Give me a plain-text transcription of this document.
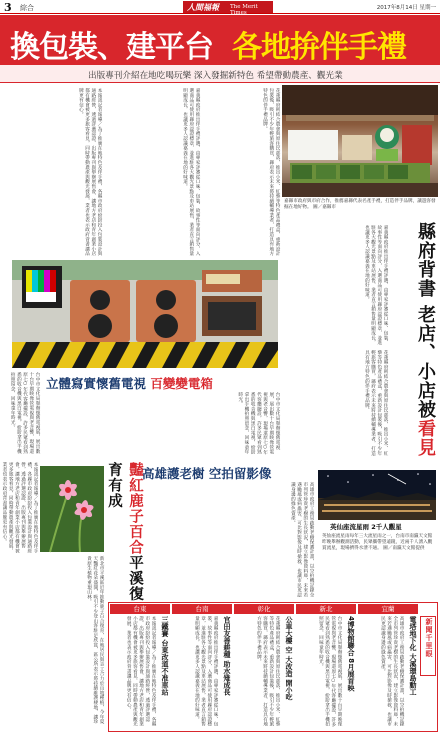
3 綜合	人間福報 The Merit Times
2017年8月14日 星期一
換包裝、建平台 各地拚伴手禮
出版專刊介紹在地吃喝玩樂 深入發掘新特色 希望帶動農產、觀光業
本報訊記者報導／為了推廣在地特色及伴手禮，各縣市政府紛紛投入包裝設計與通路經營，透過評選認證、出版專刊與舉辦展售會，讓地方老店和青年創業小店都有機會被更多旅客看見，同時帶動農產與觀光發展，業者也表示政府背書讓品牌更有信心。	嘉義縣政府推出伴手禮評選，由專家評審從口味、包裝、故事性等面向評分，入選商品可使用縣府認證標章，並進駐各大觀光景點及車站展售，業者直言銷售量明顯成長，也讓更多人認識嘉義在地的好味道。	花蓮縣府則結合農會與原住民部落，推出小米、紅藜等特色產品禮盒，重新設計包裝後，吸引不少年輕旅客購買，縣府表示未來將持續輔導業者，打造具有地方特色的伴手禮品牌。
嘉縣市政府與市府合作，推薦嘉縣代表名產手禮，打造伴手品牌，讓遊客發掘在地好物。 圖／嘉縣市
嘉義縣政府推出伴手禮評選，由專家評審從口味、包裝、故事性等面向評分，入選商品可使用縣府認證標章，並進駐各大觀光景點及車站展售，業者直言銷售量明顯成長，也讓更多人認識嘉義在地的好味道。	縣府背書 老店、小店被看見
花蓮縣府則結合農會與原住民部落，推出小米、紅藜等特色產品禮盒，重新設計包裝後，吸引不少年輕旅客購買，縣府表示未來將持續輔導業者，打造具有地方特色的伴手禮品牌。
立體寫實懷舊電視 百變變電箱
台中市文化局舉辦懷舊電視展，展出數十台早期映像管電視與老音響，現場還原七○年代客廳擺設，許多民眾看到熟悉的收音機與黑白電視，紛紛拿出手機拍照留念，回味童年時光。	台中市文化局舉辦懷舊電視展，展出數十台早期映像管電視與老音響，現場還原七○年代客廳擺設，許多民眾看到熟悉的收音機與黑白電視，紛紛拿出手機拍照留念，回味童年時光。
豔紅鹿子百合平溪復育有成
新北市平溪區近年推動鹿子百合復育，在地居民與志工合力於山坡種植，今年夏天豔紅花朵盛開，吸引不少登山客駐足欣賞，區公所表示將持續維護棲地，讓珍貴原生植物重現山林。
本報訊記者報導／為了推廣在地特色及伴手禮，各縣市政府紛紛投入包裝設計與通路經營，透過評選認證、出版專刊與舉辦展售會，讓地方老店和青年創業小店都有機會被更多旅客看見，同時帶動農產與觀光發展，業者也表示政府背書讓品牌更有信心。	高雄護老樹 空拍留影像
高雄市政府工務局啟動老樹保護計畫，以空拍機記錄全市列管珍貴老樹的生長狀況，建立影像資料庫，未來若遇颱風或病蟲害，可比對影像及時搶救，也讓市民更認識身邊的綠色資產。
英仙座流星雨 2千人觀星
英仙座流星雨每年三大流星雨之一，台南市南瀛天文館昨晚舉辦觀測活動，民眾攜帶望遠鏡，近兩千人湧入觀賞流星，現場擠得水泄不通。 圖／南瀛天文館提供
台東	台南	彰化	新北	宜蘭
三鐵賽 台東改道不准車站	官田友善耕種 助水雉成長	公車大樓 空 大改造 開小吃	4博物館聯合 8月展首映	電塔地下化 大溪環島動工
本報訊記者報導／為了推廣在地特色及伴手禮，各縣市政府紛紛投入包裝設計與通路經營，透過評選認證、出版專刊與舉辦展售會，讓地方老店和青年創業小店都有機會被更多旅客看見，同時帶動農產與觀光發展，業者也表示政府背書讓品牌更有信心。	嘉義縣政府推出伴手禮評選，由專家評審從口味、包裝、故事性等面向評分，入選商品可使用縣府認證標章，並進駐各大觀光景點及車站展售，業者直言銷售量明顯成長，也讓更多人認識嘉義在地的好味道。	花蓮縣府則結合農會與原住民部落，推出小米、紅藜等特色產品禮盒，重新設計包裝後，吸引不少年輕旅客購買，縣府表示未來將持續輔導業者，打造具有地方特色的伴手禮品牌。	台中市文化局舉辦懷舊電視展，展出數十台早期映像管電視與老音響，現場還原七○年代客廳擺設，許多民眾看到熟悉的收音機與黑白電視，紛紛拿出手機拍照留念，回味童年時光。	高雄市政府工務局啟動老樹保護計畫，以空拍機記錄全市列管珍貴老樹的生長狀況，建立影像資料庫，未來若遇颱風或病蟲害，可比對影像及時搶救，也讓市民更認識身邊的綠色資產。	新聞千里眼
